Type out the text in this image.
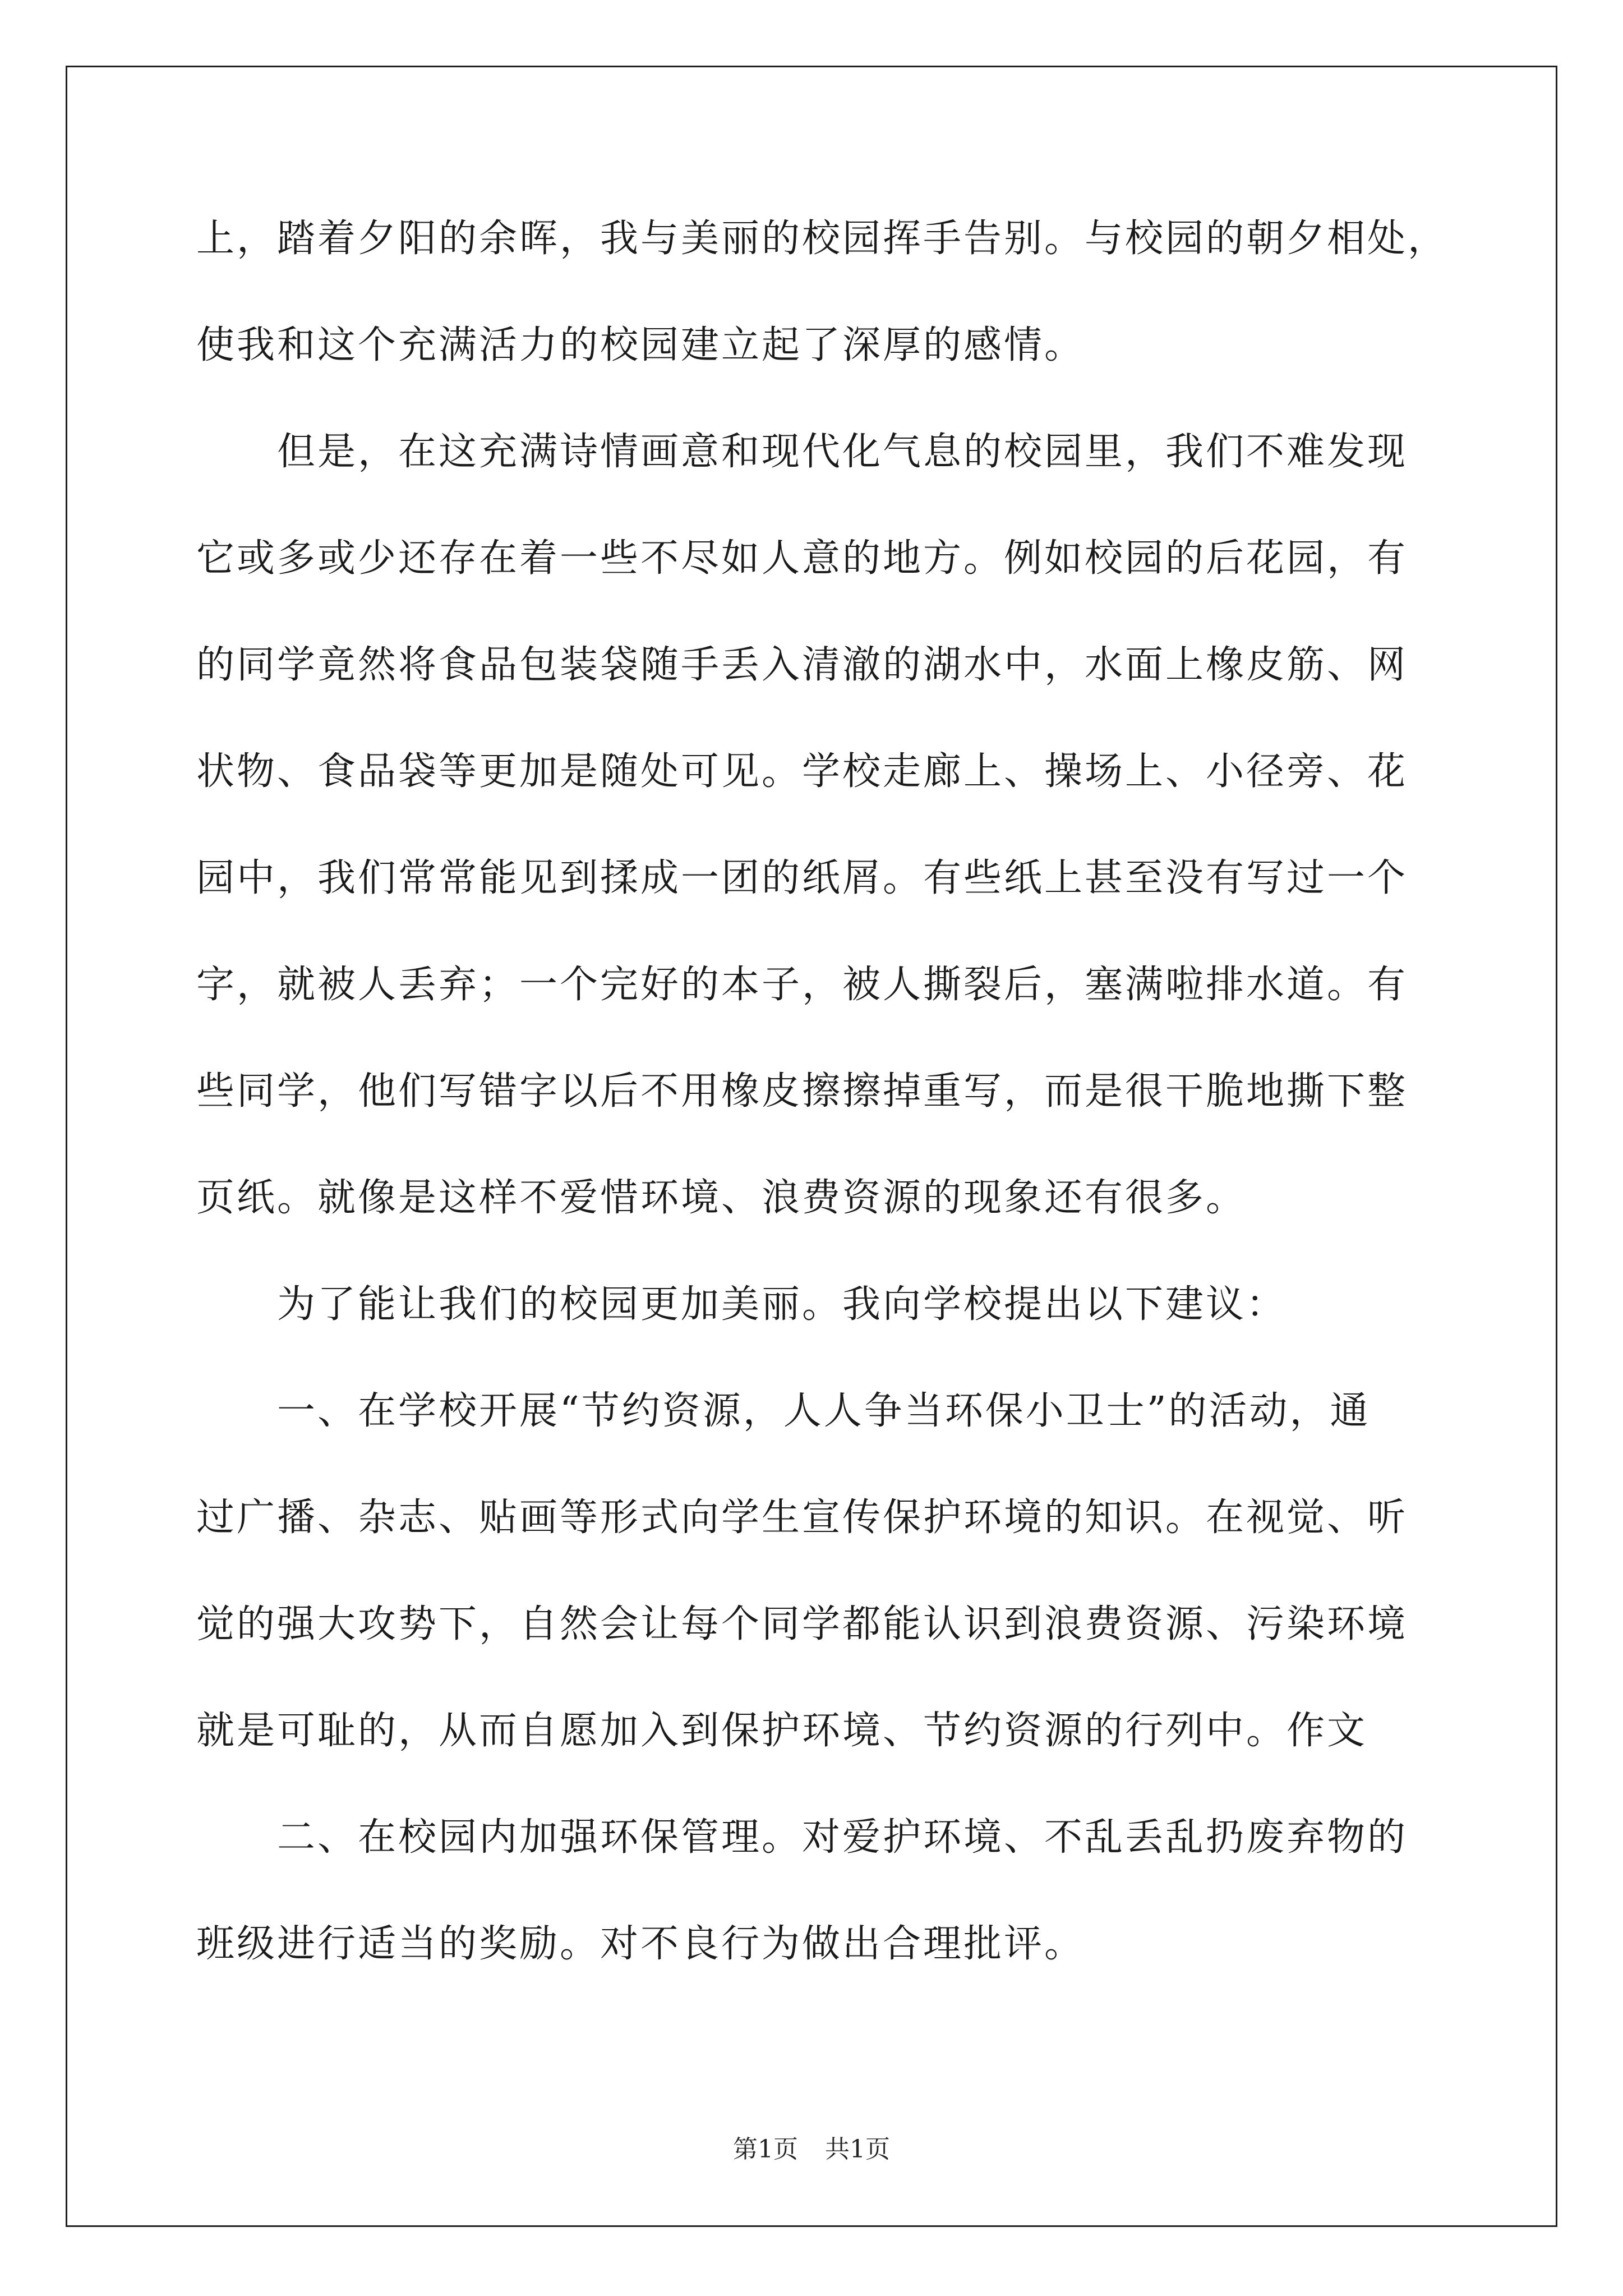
上，踏着夕阳的余晖，我与美丽的校园挥手告别。与校园的朝夕相处，
使我和这个充满活力的校园建立起了深厚的感情。
　　但是，在这充满诗情画意和现代化气息的校园里，我们不难发现
它或多或少还存在着一些不尽如人意的地方。例如校园的后花园，有
的同学竟然将食品包装袋随手丢入清澈的湖水中，水面上橡皮筋、网
状物、食品袋等更加是随处可见。学校走廊上、操场上、小径旁、花
园中，我们常常能见到揉成一团的纸屑。有些纸上甚至没有写过一个
字，就被人丢弃；一个完好的本子，被人撕裂后，塞满啦排水道。有
些同学，他们写错字以后不用橡皮擦擦掉重写，而是很干脆地撕下整
页纸。就像是这样不爱惜环境、浪费资源的现象还有很多。
　　为了能让我们的校园更加美丽。我向学校提出以下建议：
　　一、在学校开展“节约资源，人人争当环保小卫士”的活动，通
过广播、杂志、贴画等形式向学生宣传保护环境的知识。在视觉、听
觉的强大攻势下，自然会让每个同学都能认识到浪费资源、污染环境
就是可耻的，从而自愿加入到保护环境、节约资源的行列中。作文
　　二、在校园内加强环保管理。对爱护环境、不乱丢乱扔废弃物的
班级进行适当的奖励。对不良行为做出合理批评。
第1页 共1页
